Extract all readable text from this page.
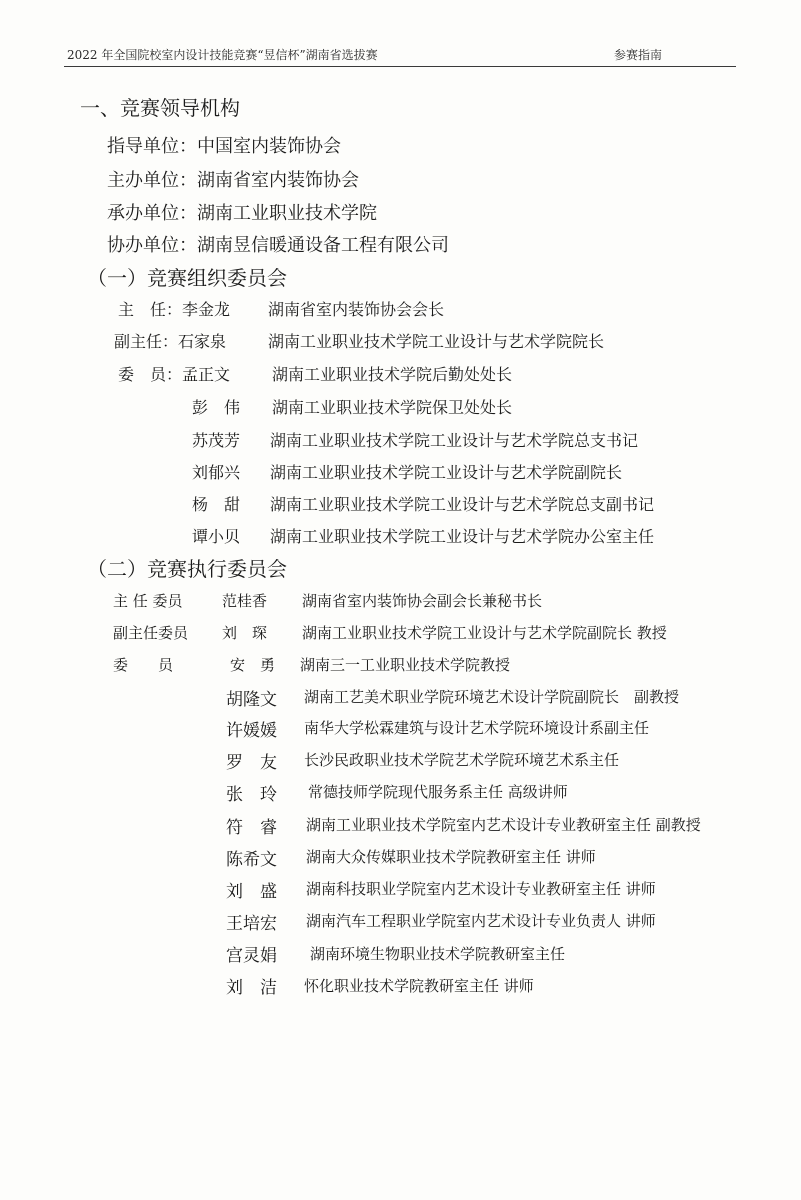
2022 年全国院校室内设计技能竞赛“昱信杯”湖南省选拔赛	参赛指南
一、竞赛领导机构
指导单位：中国室内装饰协会
主办单位：湖南省室内装饰协会
承办单位：湖南工业职业技术学院
协办单位：湖南昱信暖通设备工程有限公司
（一）竞赛组织委员会
主　任：李金龙 湖南省室内装饰协会会长
副主任：石家泉	湖南工业职业技术学院工业设计与艺术学院院长
委　员：孟正文	湖南工业职业技术学院后勤处处长
彭　伟 湖南工业职业技术学院保卫处处长
苏茂芳 湖南工业职业技术学院工业设计与艺术学院总支书记
刘郁兴 湖南工业职业技术学院工业设计与艺术学院副院长
杨　甜 湖南工业职业技术学院工业设计与艺术学院总支副书记
谭小贝 湖南工业职业技术学院工业设计与艺术学院办公室主任
（二）竞赛执行委员会
主 任 委员	范桂香 湖南省室内装饰协会副会长兼秘书长
副主任委员 刘　琛 湖南工业职业技术学院工业设计与艺术学院副院长 教授
委　　员	安　勇 湖南三一工业职业技术学院教授
胡隆文 湖南工艺美术职业学院环境艺术设计学院副院长　副教授
许媛媛 南华大学松霖建筑与设计艺术学院环境设计系副主任
罗　友 长沙民政职业技术学院艺术学院环境艺术系主任
张　玲 常德技师学院现代服务系主任 高级讲师
符　睿 湖南工业职业技术学院室内艺术设计专业教研室主任 副教授
陈希文 湖南大众传媒职业技术学院教研室主任 讲师
刘　盛 湖南科技职业学院室内艺术设计专业教研室主任 讲师
王培宏 湖南汽车工程职业学院室内艺术设计专业负责人 讲师
宫灵娟 湖南环境生物职业技术学院教研室主任
刘　洁 怀化职业技术学院教研室主任 讲师
